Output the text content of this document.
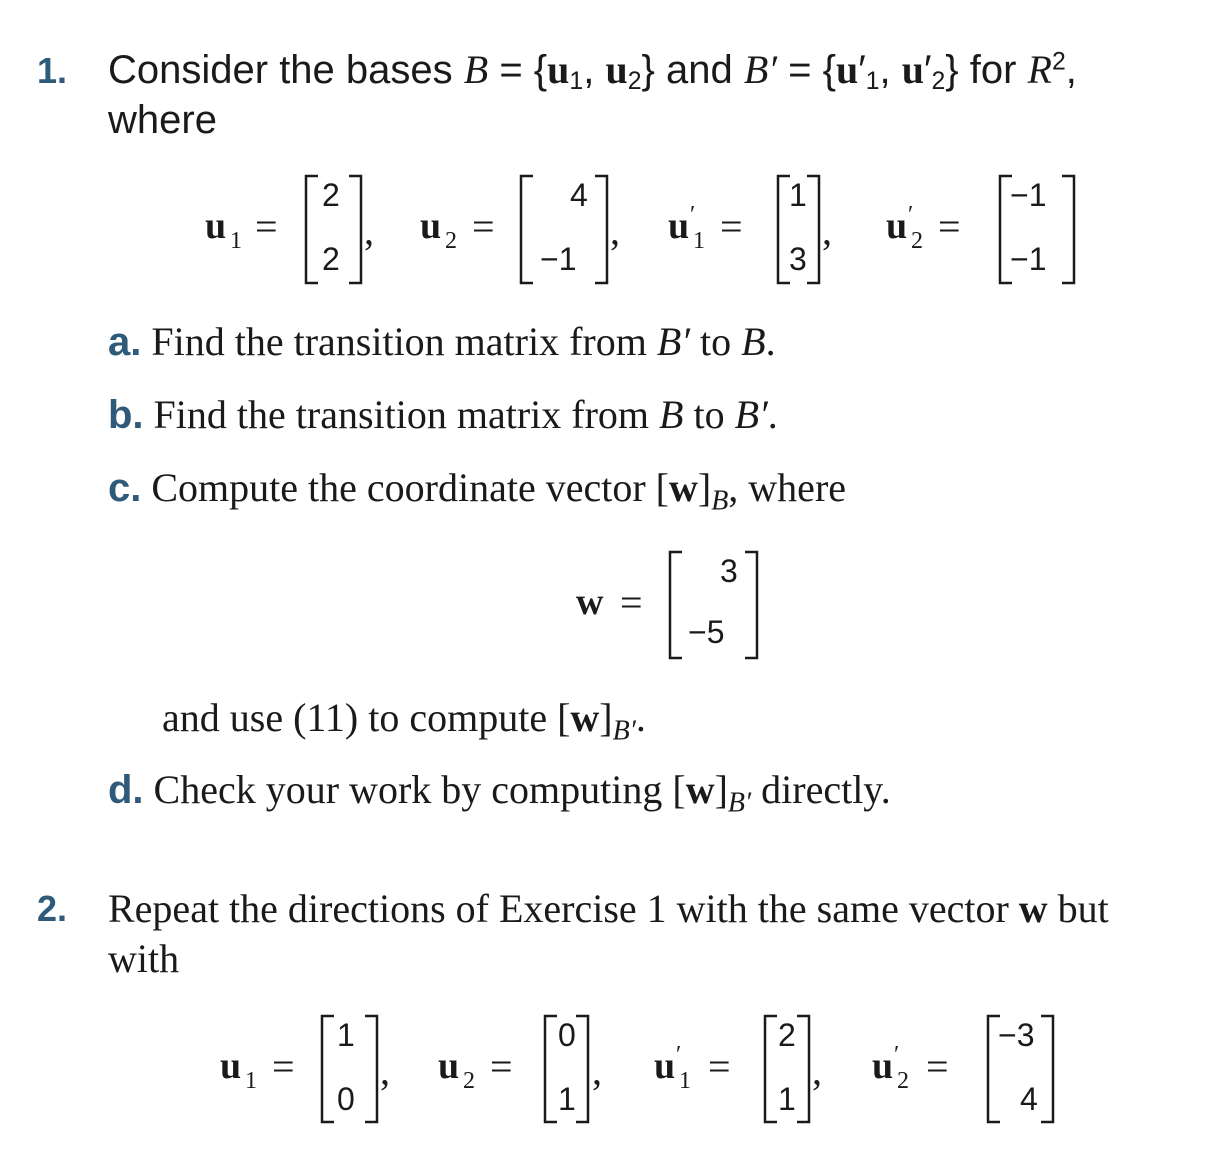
1. Consider the bases $B = \{u_1$, $u_2$} and $B' = \{u'_1$, $u'_2$} for $R^2$,
where
u 1 =
2
2
, u 2 =
4
−1
, u ′
1 =
1
3
, u ′
2 =
−1
−1
a. Find the transition matrix from B′ to B.
b. Find the transition matrix from B to B′.
c. Compute the coordinate vector $[w]_B$, where
w =
3
−5
and use (11) to compute $[w]_{B'}$.
d. Check your work by computing $[w]_{B'}$ directly.
2. Repeat the directions of Exercise 1 with the same vector w but
with
u 1 =
1
0
, u 2 =
0
1
, u ′
1 =
2
1
, u ′
2 =
−3
4
